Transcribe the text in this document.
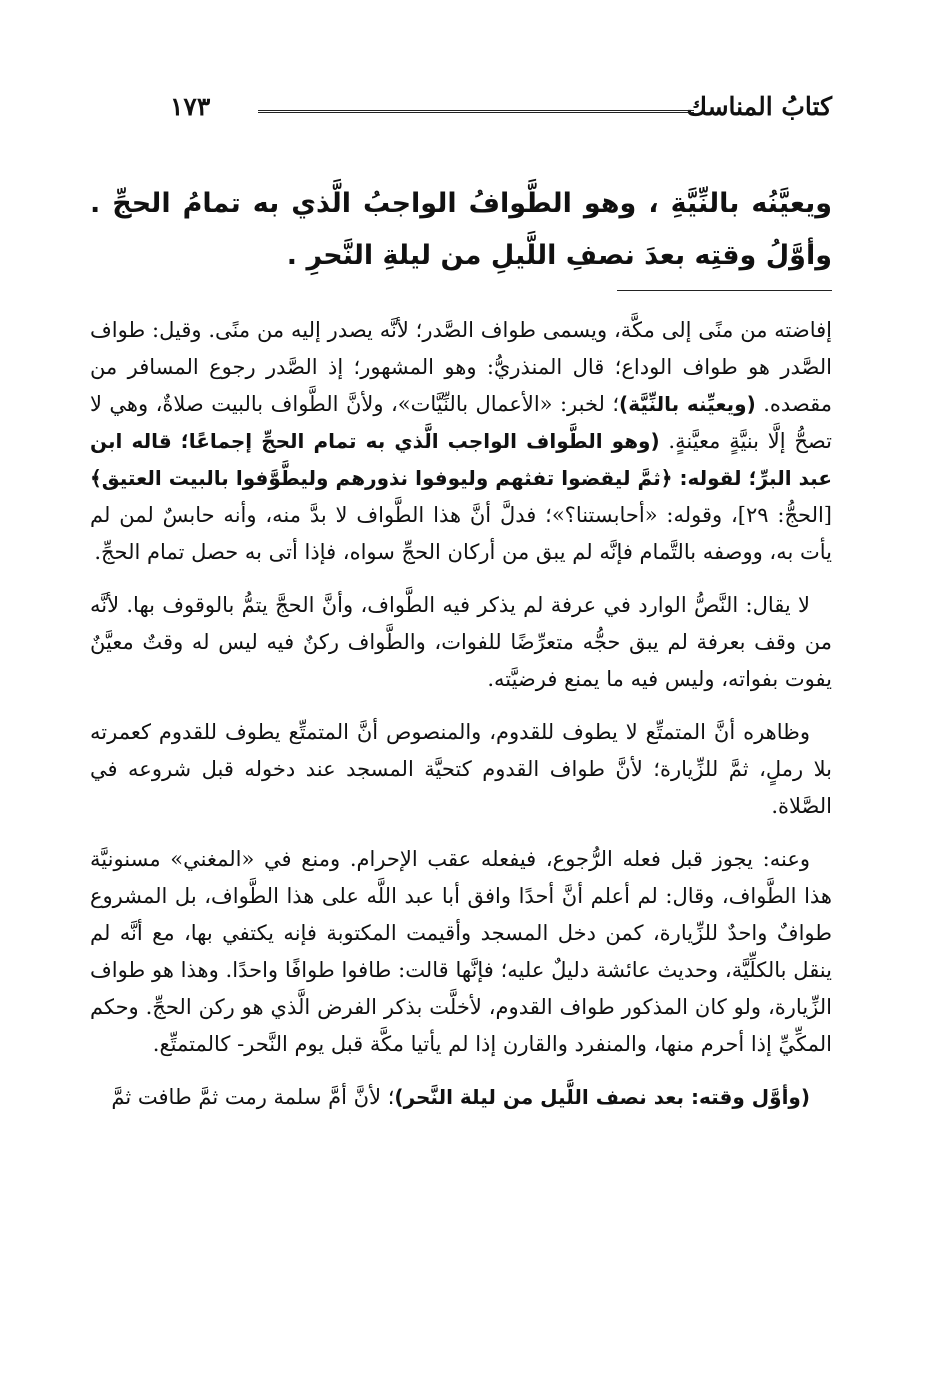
كتابُ المناسك
١٧٣
ويعيَّنُه بالنِّيَّةِ ، وهو الطَّوافُ الواجبُ الَّذي به تمامُ الحجِّ . وأوَّلُ وقتِه بعدَ نصفِ اللَّيلِ من ليلةِ النَّحرِ .

إفاضته من منًى إلى مكَّة، ويسمى طواف الصَّدر؛ لأنَّه يصدر إليه من منًى. وقيل: طواف الصَّدر هو طواف الوداع؛ قال المنذريُّ: وهو المشهور؛ إذ الصَّدر رجوع المسافر من مقصده. (ويعيِّنه بالنِّيَّة)؛ لخبر: «الأعمال بالنِّيَّات»، ولأنَّ الطَّواف بالبيت صلاةٌ، وهي لا تصحُّ إلَّا بنيَّةٍ معيَّنةٍ. (وهو الطَّواف الواجب الَّذي به تمام الحجِّ إجماعًا؛ قاله ابن عبد البرِّ؛ لقوله: ﴿ثمَّ ليقضوا تفثهم وليوفوا نذورهم وليطَّوَّفوا بالبيت العتيق﴾ [الحجُّ: ٢٩]، وقوله: «أحابستنا؟»؛ فدلَّ أنَّ هذا الطَّواف لا بدَّ منه، وأنه حابسٌ لمن لم يأت به، ووصفه بالتَّمام فإنَّه لم يبق من أركان الحجِّ سواه، فإذا أتى به حصل تمام الحجِّ.

لا يقال: النَّصُّ الوارد في عرفة لم يذكر فيه الطَّواف، وأنَّ الحجَّ يتمُّ بالوقوف بها. لأنَّه من وقف بعرفة لم يبق حجُّه متعرِّضًا للفوات، والطَّواف ركنٌ فيه ليس له وقتٌ معيَّنٌ يفوت بفواته، وليس فيه ما يمنع فرضيَّته.

وظاهره أنَّ المتمتِّع لا يطوف للقدوم، والمنصوص أنَّ المتمتِّع يطوف للقدوم كعمرته بلا رملٍ، ثمَّ للزِّيارة؛ لأنَّ طواف القدوم كتحيَّة المسجد عند دخوله قبل شروعه في الصَّلاة.

وعنه: يجوز قبل فعله الرُّجوع، فيفعله عقب الإحرام. ومنع في «المغني» مسنونيَّة هذا الطَّواف، وقال: لم أعلم أنَّ أحدًا وافق أبا عبد اللَّه على هذا الطَّواف، بل المشروع طوافٌ واحدٌ للزِّيارة، كمن دخل المسجد وأقيمت المكتوبة فإنه يكتفي بها، مع أنَّه لم ينقل بالكلِّيَّة، وحديث عائشة دليلٌ عليه؛ فإنَّها قالت: طافوا طوافًا واحدًا. وهذا هو طواف الزِّيارة، ولو كان المذكور طواف القدوم، لأخلَّت بذكر الفرض الَّذي هو ركن الحجِّ. وحكم المكِّيِّ إذا أحرم منها، والمنفرد والقارن إذا لم يأتيا مكَّة قبل يوم النَّحر- كالمتمتِّع.

(وأوَّل وقته: بعد نصف اللَّيل من ليلة النَّحر)؛ لأنَّ أمَّ سلمة رمت ثمَّ طافت ثمَّ
